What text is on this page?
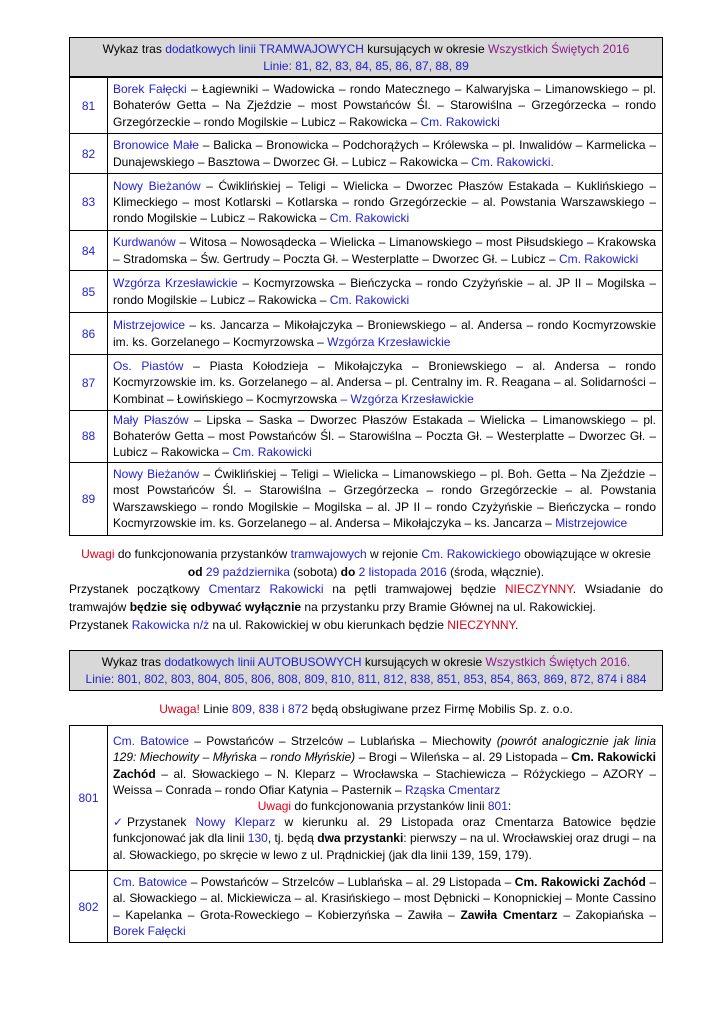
Wykaz tras dodatkowych linii TRAMWAJOWYCH kursujących w okresie Wszystkich Świętych 2016
Linie: 81, 82, 83, 84, 85, 86, 87, 88, 89
81	Borek Fałęcki – Łagiewniki – Wadowicka – rondo Matecznego – Kalwaryjska – Limanowskiego – pl. Bohaterów Getta – Na Zjeździe – most Powstańców Śl. – Starowiślna – Grzegórzecka – rondo Grzegórzeckie – rondo Mogilskie – Lubicz – Rakowicka – Cm. Rakowicki

82	Bronowice Małe – Balicka – Bronowicka – Podchorążych – Królewska – pl. Inwalidów – Karmelicka – Dunajewskiego – Basztowa – Dworzec Gł. – Lubicz – Rakowicka – Cm. Rakowicki.

83	Nowy Bieżanów – Ćwiklińskiej – Teligi – Wielicka – Dworzec Płaszów Estakada – Kuklińskiego – Klimeckiego – most Kotlarski – Kotlarska – rondo Grzegórzeckie – al. Powstania Warszawskiego – rondo Mogilskie – Lubicz – Rakowicka – Cm. Rakowicki

84	Kurdwanów – Witosa – Nowosądecka – Wielicka – Limanowskiego – most Piłsudskiego – Krakowska – Stradomska – Św. Gertrudy – Poczta Gł. – Westerplatte – Dworzec Gł. – Lubicz – Cm. Rakowicki

85	Wzgórza Krzesławickie – Kocmyrzowska – Bieńczycka – rondo Czyżyńskie – al. JP II – Mogilska – rondo Mogilskie – Lubicz – Rakowicka – Cm. Rakowicki

86	Mistrzejowice – ks. Jancarza – Mikołajczyka – Broniewskiego – al. Andersa – rondo Kocmyrzowskie im. ks. Gorzelanego – Kocmyrzowska – Wzgórza Krzesławickie

87	Os. Piastów – Piasta Kołodzieja – Mikołajczyka – Broniewskiego – al. Andersa – rondo Kocmyrzowskie im. ks. Gorzelanego – al. Andersa – pl. Centralny im. R. Reagana – al. Solidarności – Kombinat – Łowińskiego – Kocmyrzowska – Wzgórza Krzesławickie

88	Mały Płaszów – Lipska – Saska – Dworzec Płaszów Estakada – Wielicka – Limanowskiego – pl. Bohaterów Getta – most Powstańców Śl. – Starowiślna – Poczta Gł. – Westerplatte – Dworzec Gł. – Lubicz – Rakowicka – Cm. Rakowicki

89	Nowy Bieżanów – Ćwiklińskiej – Teligi – Wielicka – Limanowskiego – pl. Boh. Getta – Na Zjeździe – most Powstańców Śl. – Starowiślna – Grzegórzecka – rondo Grzegórzeckie – al. Powstania Warszawskiego – rondo Mogilskie – Mogilska – al. JP II – rondo Czyżyńskie – Bieńczycka – rondo Kocmyrzowskie im. ks. Gorzelanego – al. Andersa – Mikołajczyka – ks. Jancarza – Mistrzejowice
Uwagi do funkcjonowania przystanków tramwajowych w rejonie Cm. Rakowickiego obowiązujące w okresie
od 29 października (sobota) do 2 listopada 2016 (środa, włącznie).
Przystanek początkowy Cmentarz Rakowicki na pętli tramwajowej będzie NIECZYNNY. Wsiadanie do tramwajów będzie się odbywać wyłącznie na przystanku przy Bramie Głównej na ul. Rakowickiej.
Przystanek Rakowicka n/ż na ul. Rakowickiej w obu kierunkach będzie NIECZYNNY.
Wykaz tras dodatkowych linii AUTOBUSOWYCH kursujących w okresie Wszystkich Świętych 2016.
Linie: 801, 802, 803, 804, 805, 806, 808, 809, 810, 811, 812, 838, 851, 853, 854, 863, 869, 872, 874 i 884
Uwaga! Linie 809, 838 i 872 będą obsługiwane przez Firmę Mobilis Sp. z. o.o.
801	Cm. Batowice – Powstańców – Strzelców – Lublańska – Miechowity (powrót analogicznie jak linia 129: Miechowity – Młyńska – rondo Młyńskie) – Brogi – Wileńska – al. 29 Listopada – Cm. Rakowicki Zachód – al. Słowackiego – N. Kleparz – Wrocławska – Stachiewicza – Różyckiego – AZORY – Weissa – Conrada – rondo Ofiar Katynia – Pasternik – Rząska Cmentarz
Uwagi do funkcjonowania przystanków linii 801:
✓ Przystanek Nowy Kleparz w kierunku al. 29 Listopada oraz Cmentarza Batowice będzie funkcjonować jak dla linii 130, tj. będą dwa przystanki: pierwszy – na ul. Wrocławskiej oraz drugi – na al. Słowackiego, po skręcie w lewo z ul. Prądnickiej (jak dla linii 139, 159, 179).

802	Cm. Batowice – Powstańców – Strzelców – Lublańska – al. 29 Listopada – Cm. Rakowicki Zachód – al. Słowackiego – al. Mickiewicza – al. Krasińskiego – most Dębnicki – Konopnickiej – Monte Cassino – Kapelanka – Grota-Roweckiego – Kobierzyńska – Zawiła – Zawiła Cmentarz – Zakopiańska – Borek Fałęcki
